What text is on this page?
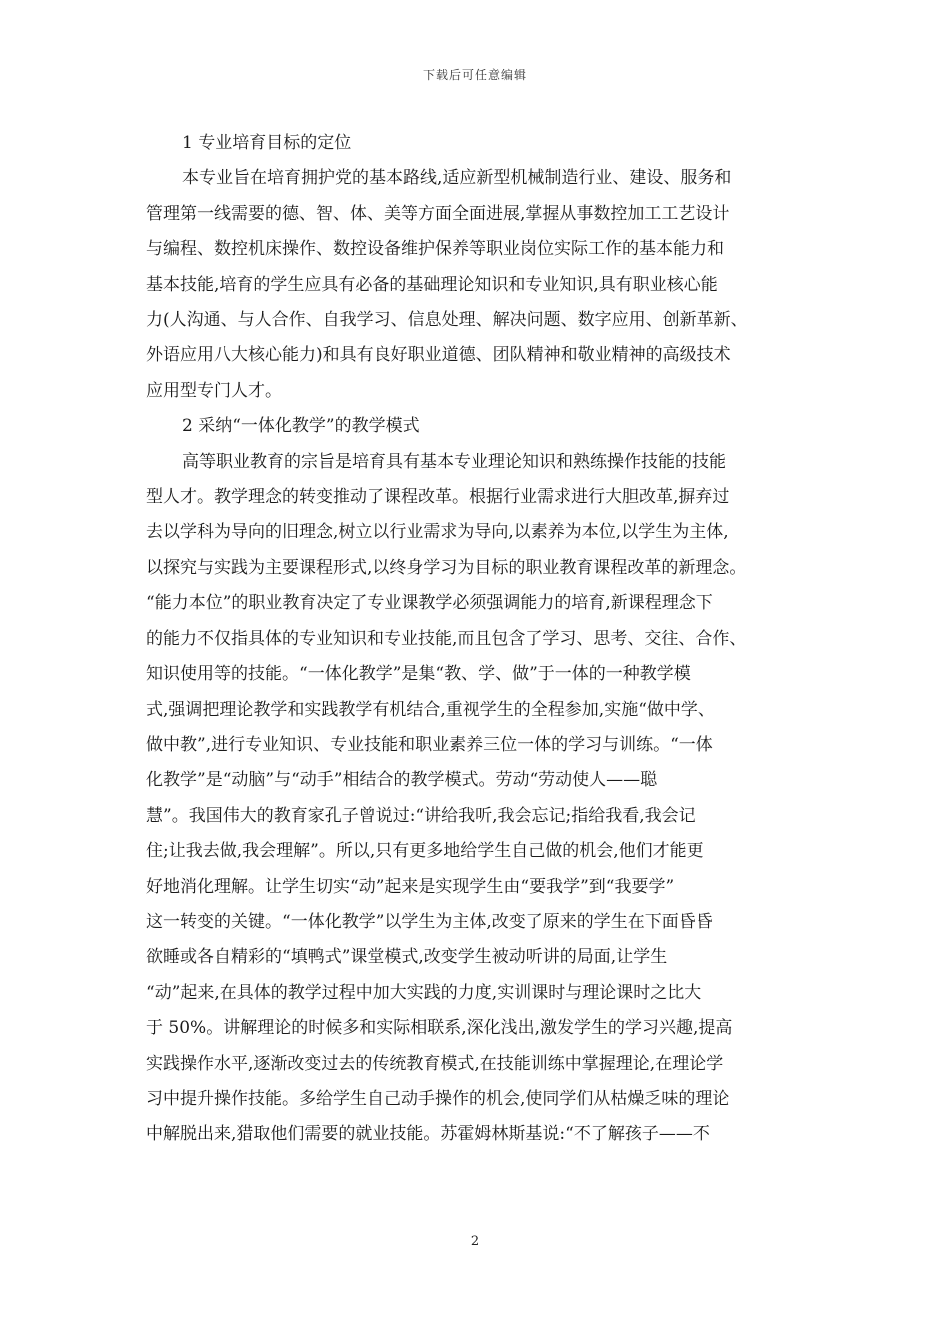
下载后可任意编辑
1 专业培育目标的定位

本专业旨在培育拥护党的基本路线,适应新型机械制造行业、建设、服务和

管理第一线需要的德、智、体、美等方面全面进展,掌握从事数控加工工艺设计

与编程、数控机床操作、数控设备维护保养等职业岗位实际工作的基本能力和

基本技能,培育的学生应具有必备的基础理论知识和专业知识,具有职业核心能

力(人沟通、与人合作、自我学习、信息处理、解决问题、数字应用、创新革新、

外语应用八大核心能力)和具有良好职业道德、团队精神和敬业精神的高级技术

应用型专门人才。

2 采纳“一体化教学”的教学模式

高等职业教育的宗旨是培育具有基本专业理论知识和熟练操作技能的技能

型人才。教学理念的转变推动了课程改革。根据行业需求进行大胆改革,摒弃过

去以学科为导向的旧理念,树立以行业需求为导向,以素养为本位,以学生为主体,

以探究与实践为主要课程形式,以终身学习为目标的职业教育课程改革的新理念。

“能力本位”的职业教育决定了专业课教学必须强调能力的培育,新课程理念下

的能力不仅指具体的专业知识和专业技能,而且包含了学习、思考、交往、合作、

知识使用等的技能。“一体化教学”是集“教、学、做”于一体的一种教学模

式,强调把理论教学和实践教学有机结合,重视学生的全程参加,实施“做中学、

做中教”,进行专业知识、专业技能和职业素养三位一体的学习与训练。“一体

化教学”是“动脑”与“动手”相结合的教学模式。劳动“劳动使人——聪

慧”。我国伟大的教育家孔子曾说过:“讲给我听,我会忘记;指给我看,我会记

住;让我去做,我会理解”。所以,只有更多地给学生自己做的机会,他们才能更

好地消化理解。让学生切实“动”起来是实现学生由“要我学”到“我要学”

这一转变的关键。“一体化教学”以学生为主体,改变了原来的学生在下面昏昏

欲睡或各自精彩的“填鸭式”课堂模式,改变学生被动听讲的局面,让学生

“动”起来,在具体的教学过程中加大实践的力度,实训课时与理论课时之比大

于 50%。讲解理论的时候多和实际相联系,深化浅出,激发学生的学习兴趣,提高

实践操作水平,逐渐改变过去的传统教育模式,在技能训练中掌握理论,在理论学

习中提升操作技能。多给学生自己动手操作的机会,使同学们从枯燥乏味的理论

中解脱出来,猎取他们需要的就业技能。苏霍姆林斯基说:“不了解孩子——不

2
